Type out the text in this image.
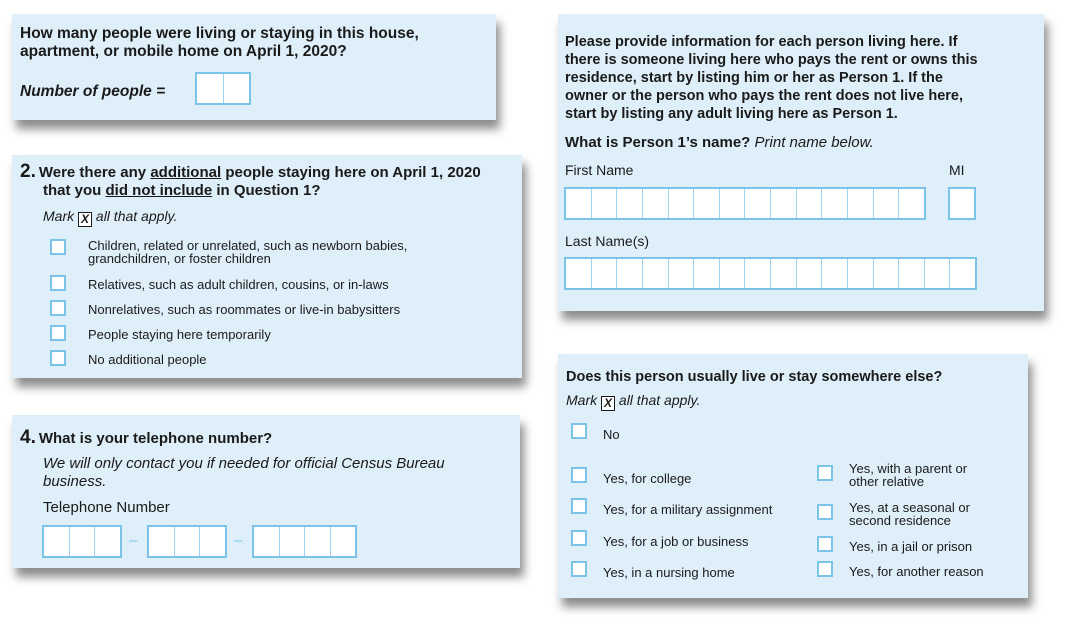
How many people were living or staying in this house,

apartment, or mobile home on April 1, 2020?

Number of people =
2. Were there any additional people staying here on April 1, 2020
that you did not include in Question 1?
Mark X all that apply.
Children, related or unrelated, such as newborn babies,
grandchildren, or foster children
Relatives, such as adult children, cousins, or in-laws
Nonrelatives, such as roommates or live-in babysitters
People staying here temporarily
No additional people
4. What is your telephone number?
We will only contact you if needed for official Census Bureau
business.
Telephone Number
–	–
Please provide information for each person living here. If
there is someone living here who pays the rent or owns this
residence, start by listing him or her as Person 1. If the
owner or the person who pays the rent does not live here,
start by listing any adult living here as Person 1.
What is Person 1’s name? Print name below.
First Name	MI
Last Name(s)
Does this person usually live or stay somewhere else?
Mark X all that apply.
No
Yes, for college
Yes, for a military assignment
Yes, for a job or business
Yes, in a nursing home
Yes, with a parent or
other relative
Yes, at a seasonal or
second residence
Yes, in a jail or prison
Yes, for another reason
